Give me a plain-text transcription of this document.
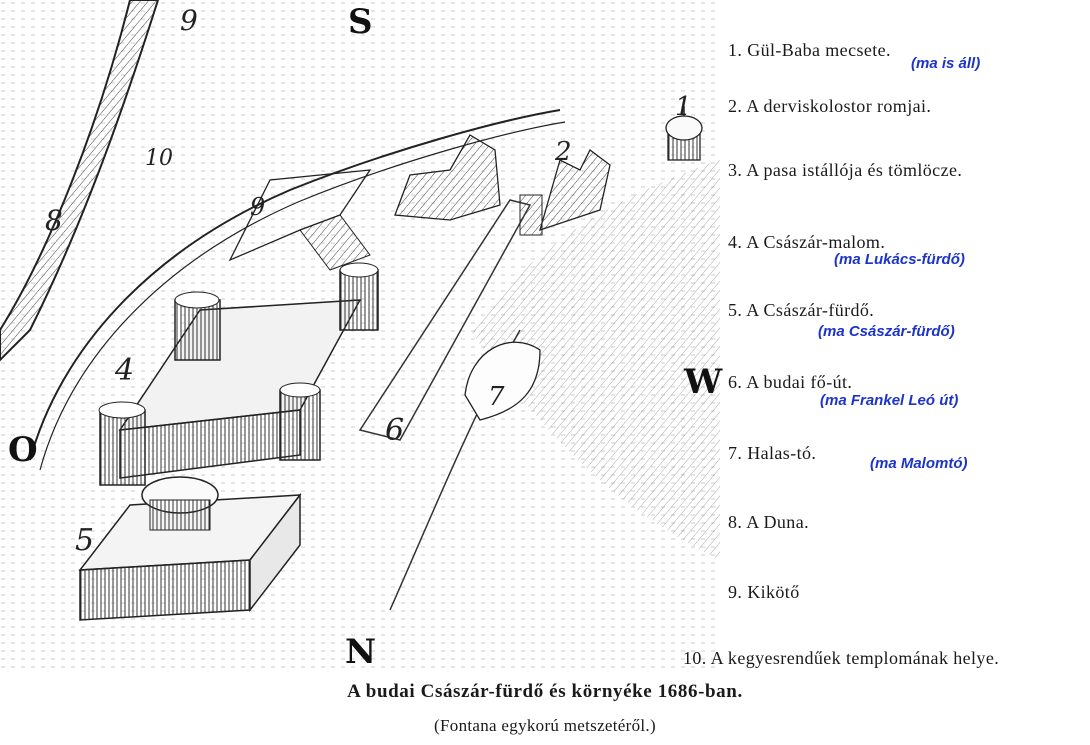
9
10
8	9
4
5
6
7
2
1
S
N
O
W
1. Gül-Baba mecsete.
(ma is áll)
2. A derviskolostor romjai.
3. A pasa istállója és tömlöcze.
4. A Császár-malom.
(ma Lukács-fürdő)
5. A Császár-fürdő.
(ma Császár-fürdő)
6. A budai fő-út.
(ma Frankel Leó út)
7. Halas-tó.
(ma Malomtó)
8. A Duna.
9. Kikötő
10. A kegyesrendűek templomának helye.
A budai Császár-fürdő és környéke 1686-ban.
(Fontana egykorú metszetéről.)
